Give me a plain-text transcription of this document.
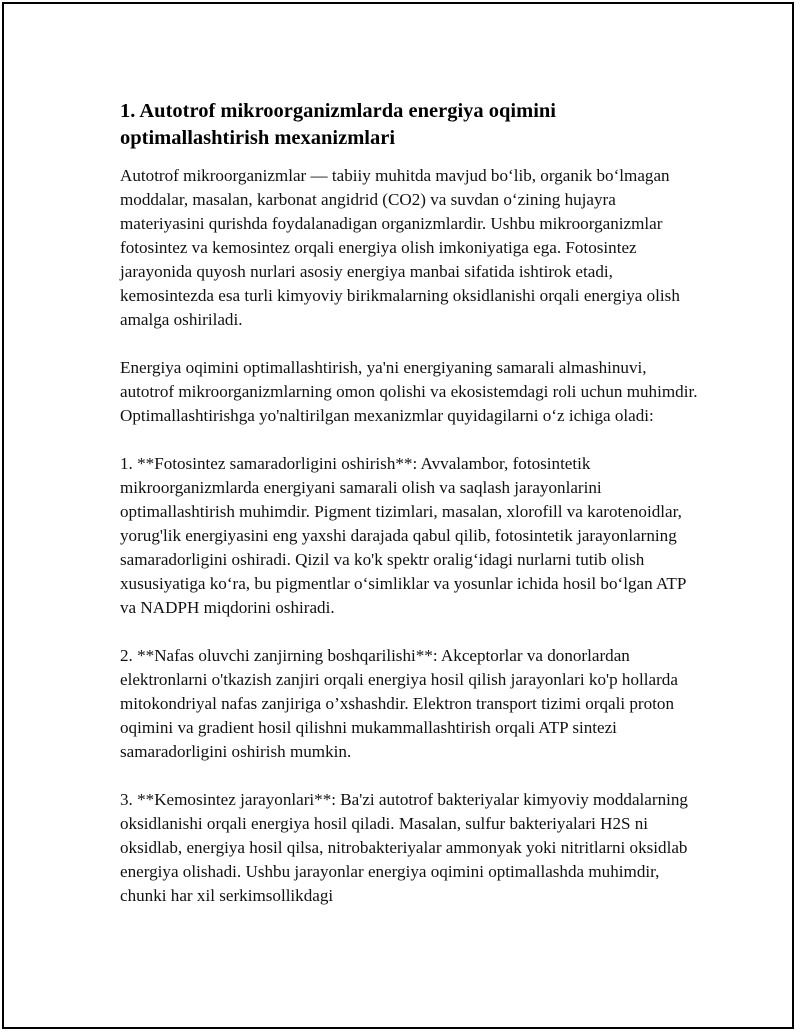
1. Autotrof mikroorganizmlarda energiya oqimini optimallashtirish mexanizmlari

Autotrof mikroorganizmlar — tabiiy muhitda mavjud bo‘lib, organik bo‘lmagan moddalar, masalan, karbonat angidrid (CO2) va suvdan o‘zining hujayra materiyasini qurishda foydalanadigan organizmlardir. Ushbu mikroorganizmlar fotosintez va kemosintez orqali energiya olish imkoniyatiga ega. Fotosintez jarayonida quyosh nurlari asosiy energiya manbai sifatida ishtirok etadi, kemosintezda esa turli kimyoviy birikmalarning oksidlanishi orqali energiya olish amalga oshiriladi.

Energiya oqimini optimallashtirish, ya'ni energiyaning samarali almashinuvi, autotrof mikroorganizmlarning omon qolishi va ekosistemdagi roli uchun muhimdir. Optimallashtirishga yo'naltirilgan mexanizmlar quyidagilarni o‘z ichiga oladi:

1. **Fotosintez samaradorligini oshirish**: Avvalambor, fotosintetik mikroorganizmlarda energiyani samarali olish va saqlash jarayonlarini optimallashtirish muhimdir. Pigment tizimlari, masalan, xlorofill va karotenoidlar, yorug'lik energiyasini eng yaxshi darajada qabul qilib, fotosintetik jarayonlarning samaradorligini oshiradi. Qizil va ko'k spektr oralig‘idagi nurlarni tutib olish xususiyatiga ko‘ra, bu pigmentlar o‘simliklar va yosunlar ichida hosil bo‘lgan ATP va NADPH miqdorini oshiradi.

2. **Nafas oluvchi zanjirning boshqarilishi**: Akceptorlar va donorlardan elektronlarni o'tkazish zanjiri orqali energiya hosil qilish jarayonlari ko'p hollarda mitokondriyal nafas zanjiriga o’xshashdir. Elektron transport tizimi orqali proton oqimini va gradient hosil qilishni mukammallashtirish orqali ATP sintezi samaradorligini oshirish mumkin.

3. **Kemosintez jarayonlari**: Ba'zi autotrof bakteriyalar kimyoviy moddalarning oksidlanishi orqali energiya hosil qiladi. Masalan, sulfur bakteriyalari H2S ni oksidlab, energiya hosil qilsa, nitrobakteriyalar ammonyak yoki nitritlarni oksidlab energiya olishadi. Ushbu jarayonlar energiya oqimini optimallashda muhimdir, chunki har xil serkimsollikdagi
